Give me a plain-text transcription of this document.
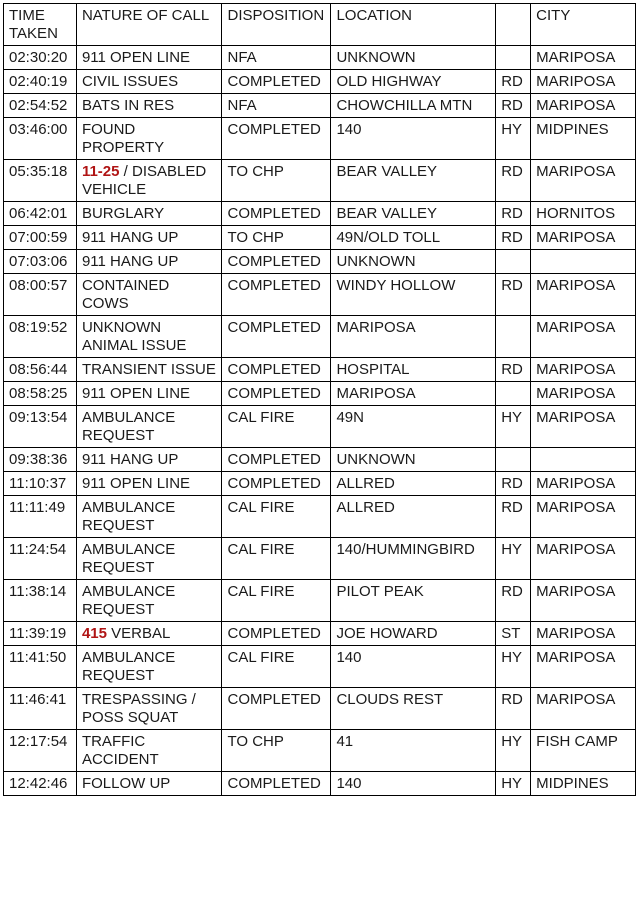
TIME TAKEN	NATURE OF CALL	DISPOSITION	LOCATION		CITY
02:30:20	911 OPEN LINE	NFA	UNKNOWN		MARIPOSA
02:40:19	CIVIL ISSUES	COMPLETED	OLD HIGHWAY	RD	MARIPOSA
02:54:52	BATS IN RES	NFA	CHOWCHILLA MTN	RD	MARIPOSA
03:46:00	FOUND PROPERTY	COMPLETED	140	HY	MIDPINES
05:35:18	11-25 / DISABLED VEHICLE	TO CHP	BEAR VALLEY	RD	MARIPOSA
06:42:01	BURGLARY	COMPLETED	BEAR VALLEY	RD	HORNITOS
07:00:59	911 HANG UP	TO CHP	49N/OLD TOLL	RD	MARIPOSA
07:03:06	911 HANG UP	COMPLETED	UNKNOWN		
08:00:57	CONTAINED COWS	COMPLETED	WINDY HOLLOW	RD	MARIPOSA
08:19:52	UNKNOWN ANIMAL ISSUE	COMPLETED	MARIPOSA		MARIPOSA
08:56:44	TRANSIENT ISSUE	COMPLETED	HOSPITAL	RD	MARIPOSA
08:58:25	911 OPEN LINE	COMPLETED	MARIPOSA		MARIPOSA
09:13:54	AMBULANCE REQUEST	CAL FIRE	49N	HY	MARIPOSA
09:38:36	911 HANG UP	COMPLETED	UNKNOWN		
11:10:37	911 OPEN LINE	COMPLETED	ALLRED	RD	MARIPOSA
11:11:49	AMBULANCE REQUEST	CAL FIRE	ALLRED	RD	MARIPOSA
11:24:54	AMBULANCE REQUEST	CAL FIRE	140/HUMMINGBIRD	HY	MARIPOSA
11:38:14	AMBULANCE REQUEST	CAL FIRE	PILOT PEAK	RD	MARIPOSA
11:39:19	415 VERBAL	COMPLETED	JOE HOWARD	ST	MARIPOSA
11:41:50	AMBULANCE REQUEST	CAL FIRE	140	HY	MARIPOSA
11:46:41	TRESPASSING / POSS SQUAT	COMPLETED	CLOUDS REST	RD	MARIPOSA
12:17:54	TRAFFIC ACCIDENT	TO CHP	41	HY	FISH CAMP
12:42:46	FOLLOW UP	COMPLETED	140	HY	MIDPINES
